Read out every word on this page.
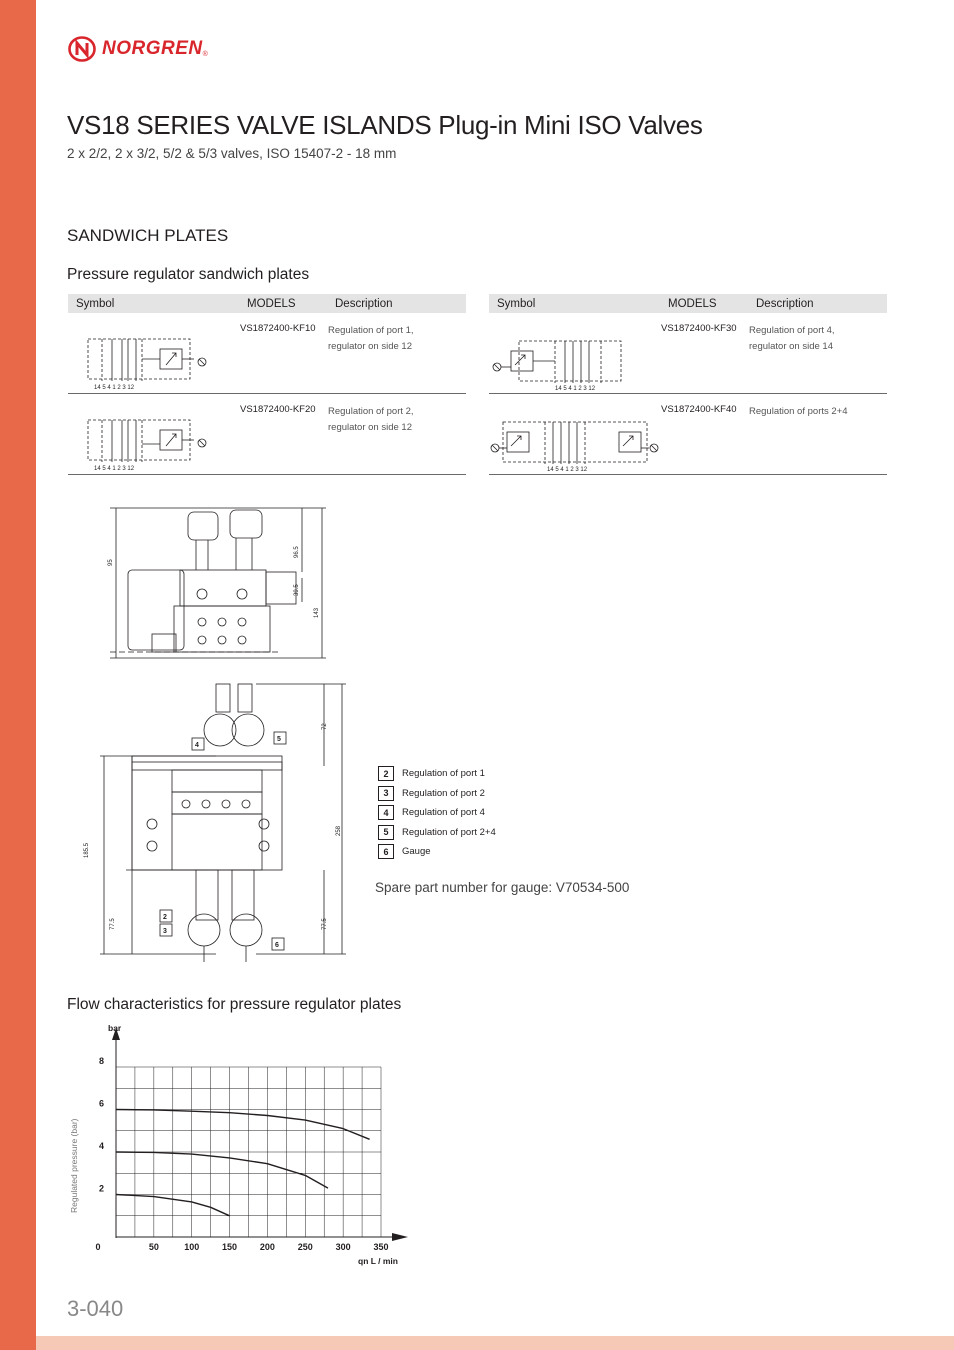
NORGREN ®
VS18 SERIES VALVE ISLANDS Plug-in Mini ISO Valves
2 x 2/2, 2 x 3/2, 5/2 & 5/3 valves, ISO 15407-2 - 18 mm
SANDWICH PLATES
Pressure regulator sandwich plates
Symbol	MODELS	Description
14 5 4 1 2 3 12
VS1872400-KF10 Regulation of port 1,
regulator on side 12
14 5 4 1 2 3 12
VS1872400-KF20 Regulation of port 2,
regulator on side 12
Symbol	MODELS	Description
14 5 4 1 2 3 12
VS1872400-KF30 Regulation of port 4,
regulator on side 14
14 5 4 1 2 3 12
VS1872400-KF40 Regulation of ports 2+4
95
96.5
39.5
143
72
258
185.5
77.5	77.5
4
5
2
3
6
2	Regulation of port 1
3	Regulation of port 2
4	Regulation of port 4
5	Regulation of port 2+4
6	Gauge
Spare part number for gauge: V70534-500
Flow characteristics for pressure regulator plates
0	50	100	150	200	250	300	350
2
4
6
8
bar
qn L / min
Regulated pressure (bar)
3-040
